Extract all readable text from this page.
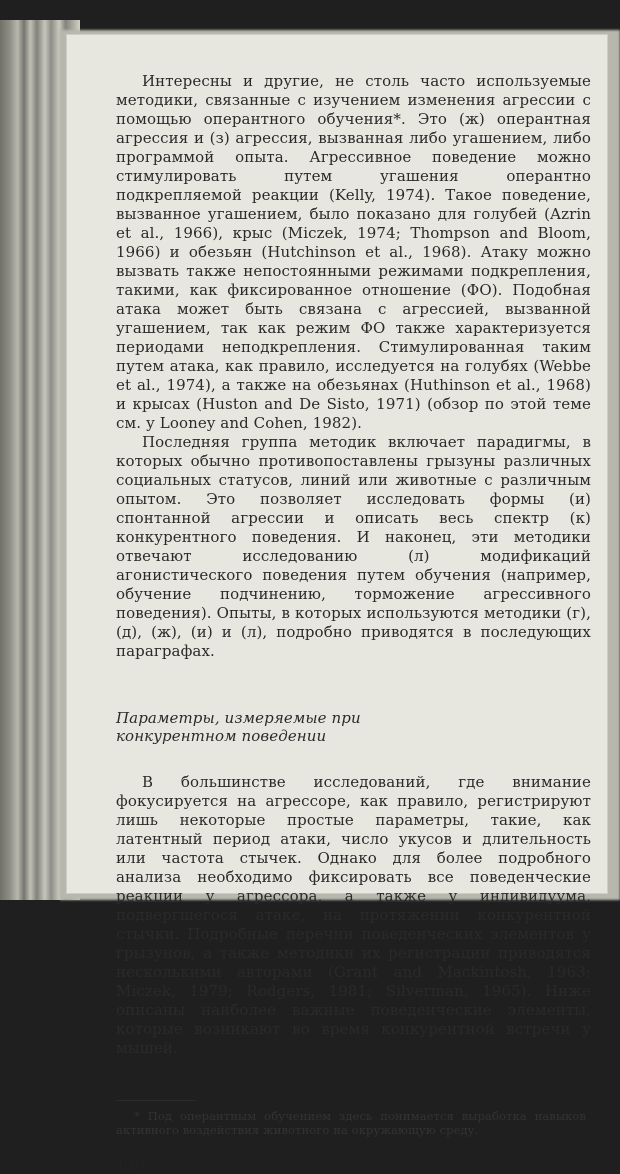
Интересны и другие, не столь часто используемые методики, связанные с изучением изменения агрессии с помощью оперантного обучения*. Это (ж) оперантная агрессия и (з) агрессия, вызванная либо угашением, либо программой опыта. Агрессивное поведение можно стимулировать путем угашения оперантно подкрепляемой реакции (Kelly, 1974). Такое поведение, вызванное угашением, было показано для голубей (Azrin et al., 1966), крыс (Miczek, 1974; Thompson and Bloom, 1966) и обезьян (Hutchinson et al., 1968). Атаку можно вызвать также непостоянными режимами подкрепления, такими, как фиксированное отношение (ФО). Подобная атака может быть связана с агрессией, вызванной угашением, так как режим ФО также характеризуется периодами неподкрепления. Стимулированная таким путем атака, как правило, исследуется на голубях (Webbe et al., 1974), а также на обезьянах (Huthinson et al., 1968) и крысах (Huston and De Sisto, 1971) (обзор по этой теме см. у Looney and Cohen, 1982).

Последняя группа методик включает парадигмы, в которых обычно противопоставлены грызуны различных социальных статусов, линий или животные с различным опытом. Это позволяет исследовать формы (и) спонтанной агрессии и описать весь спектр (к) конкурентного поведения. И наконец, эти методики отвечают исследованию (л) модификаций агонистического поведения путем обучения (например, обучение подчинению, торможение агрессивного поведения). Опыты, в которых используются методики (г), (д), (ж), (и) и (л), подробно приводятся в последующих параграфах.

Параметры, измеряемые при конкурентном поведении

В большинстве исследований, где внимание фокусируется на агрессоре, как правило, регистрируют лишь некоторые простые параметры, такие, как латентный период атаки, число укусов и длительность или частота стычек. Однако для более подробного анализа необходимо фиксировать все поведенческие реакции у агрессора, а также у индивидуума, подвергшегося атаке, на протяжении конкурентной стычки. Подробные перечни поведенческих элементов у грызунов, а также методики их регистрации приводятся несколькими авторами (Grant and Mackintosh, 1963; Miczek, 1979; Rodgers, 1981; Silverman, 1965). Ниже описаны наиболее важные поведенческие элементы, которые возникают во время конкурентной встречи у мышей.

* Под оперантным обучением здесь понимается выработка навыков активного воздействия животного на окружающую среду.
128
